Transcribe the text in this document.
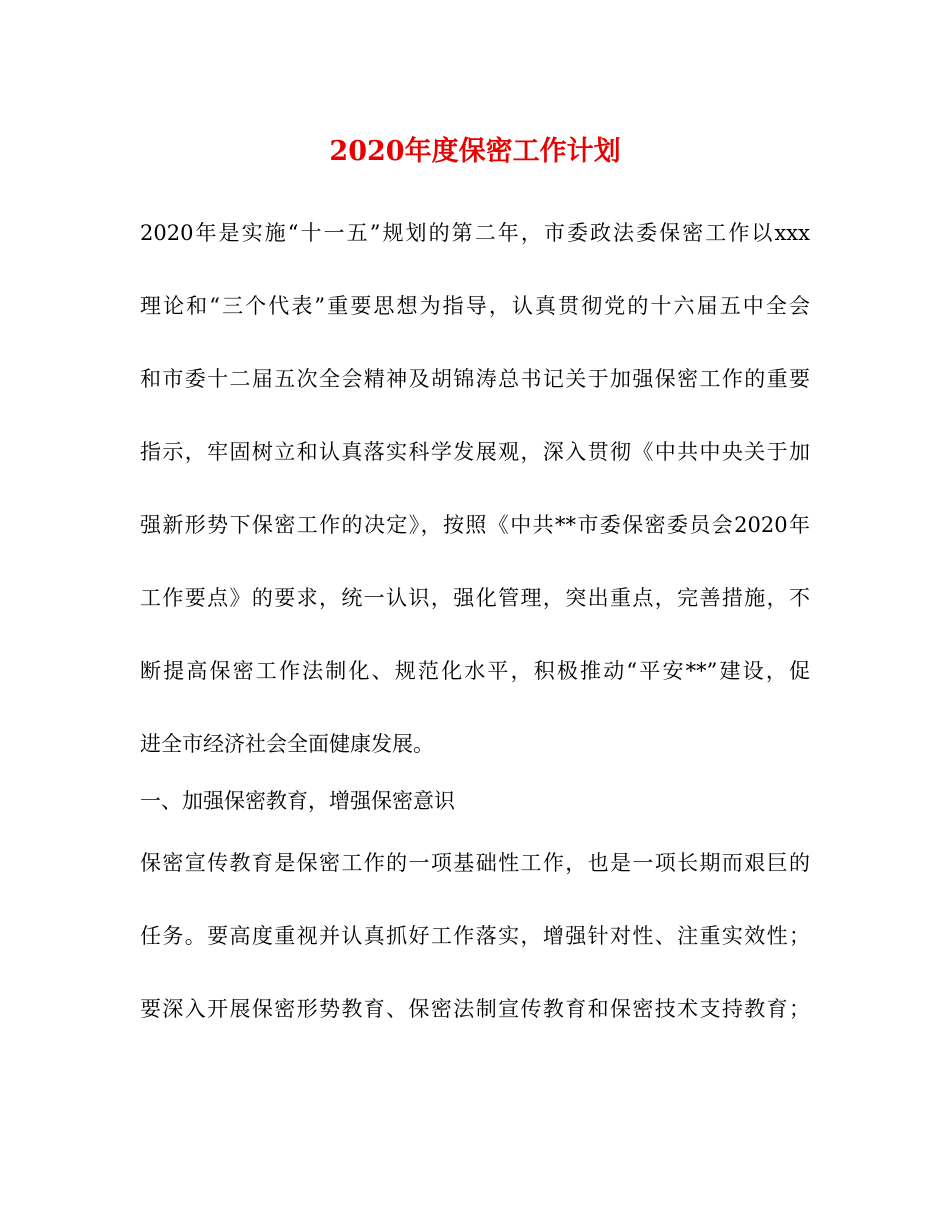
2020年度保密工作计划
2020年是实施“十一五”规划的第二年，市委政法委保密工作以xxx
理论和“三个代表”重要思想为指导，认真贯彻党的十六届五中全会
和市委十二届五次全会精神及胡锦涛总书记关于加强保密工作的重要
指示，牢固树立和认真落实科学发展观，深入贯彻《中共中央关于加
强新形势下保密工作的决定》，按照《中共**市委保密委员会2020年
工作要点》的要求，统一认识，强化管理，突出重点，完善措施，不
断提高保密工作法制化、规范化水平，积极推动“平安**”建设，促
进全市经济社会全面健康发展。
一、加强保密教育，增强保密意识
保密宣传教育是保密工作的一项基础性工作，也是一项长期而艰巨的
任务。要高度重视并认真抓好工作落实，增强针对性、注重实效性；
要深入开展保密形势教育、保密法制宣传教育和保密技术支持教育；
